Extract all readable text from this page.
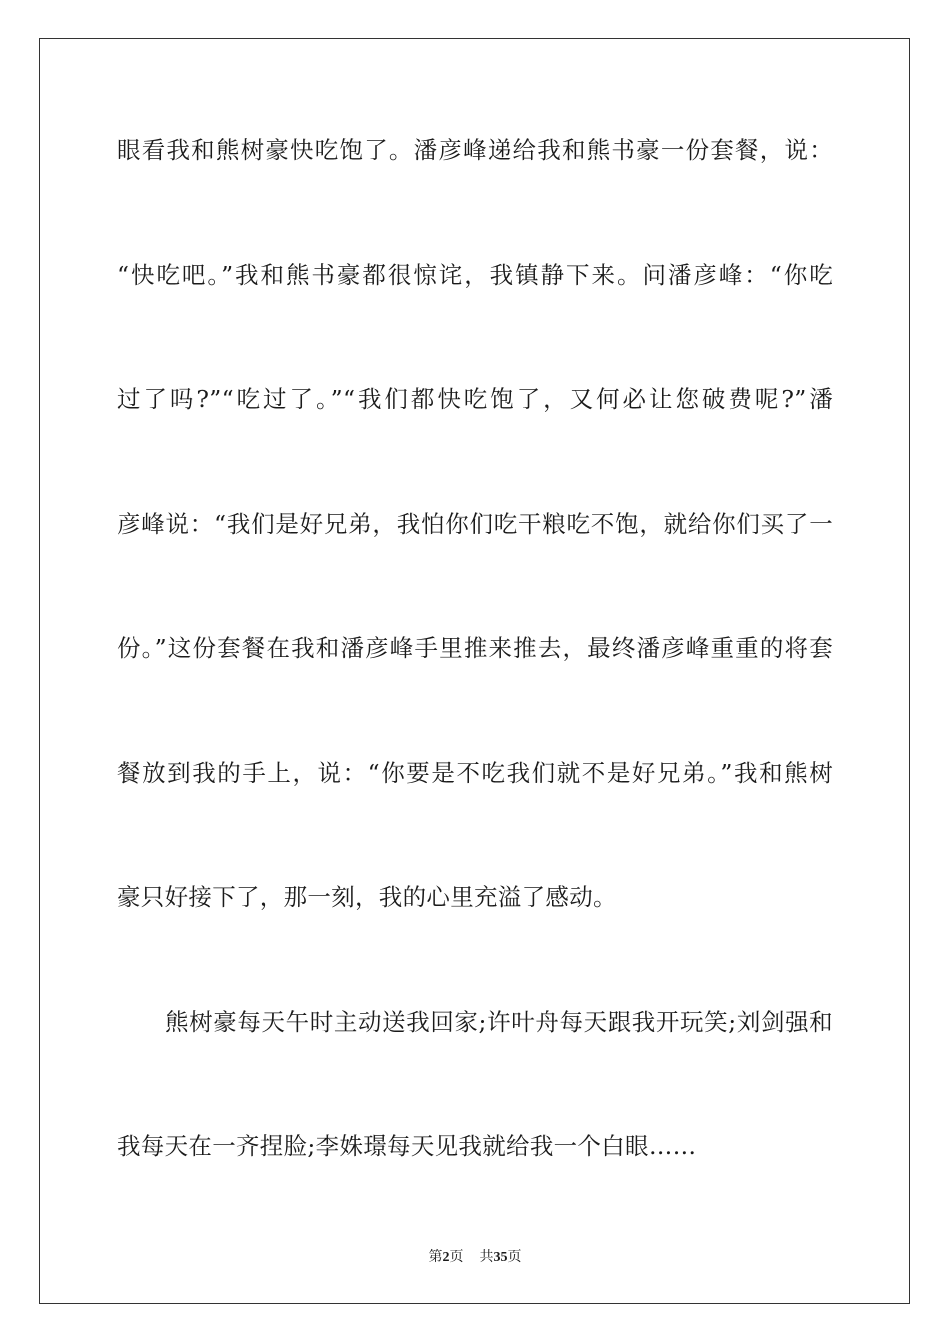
眼看我和熊树豪快吃饱了。潘彦峰递给我和熊书豪一份套餐，说：
“快吃吧。”我和熊书豪都很惊诧，我镇静下来。问潘彦峰：“你吃
过了吗?”“吃过了。”“我们都快吃饱了，又何必让您破费呢?”潘
彦峰说：“我们是好兄弟，我怕你们吃干粮吃不饱，就给你们买了一
份。”这份套餐在我和潘彦峰手里推来推去，最终潘彦峰重重的将套
餐放到我的手上，说：“你要是不吃我们就不是好兄弟。”我和熊树
豪只好接下了，那一刻，我的心里充溢了感动。
熊树豪每天午时主动送我回家;许叶舟每天跟我开玩笑;刘剑强和
我每天在一齐捏脸;李姝璟每天见我就给我一个白眼……
第2页 共35页
